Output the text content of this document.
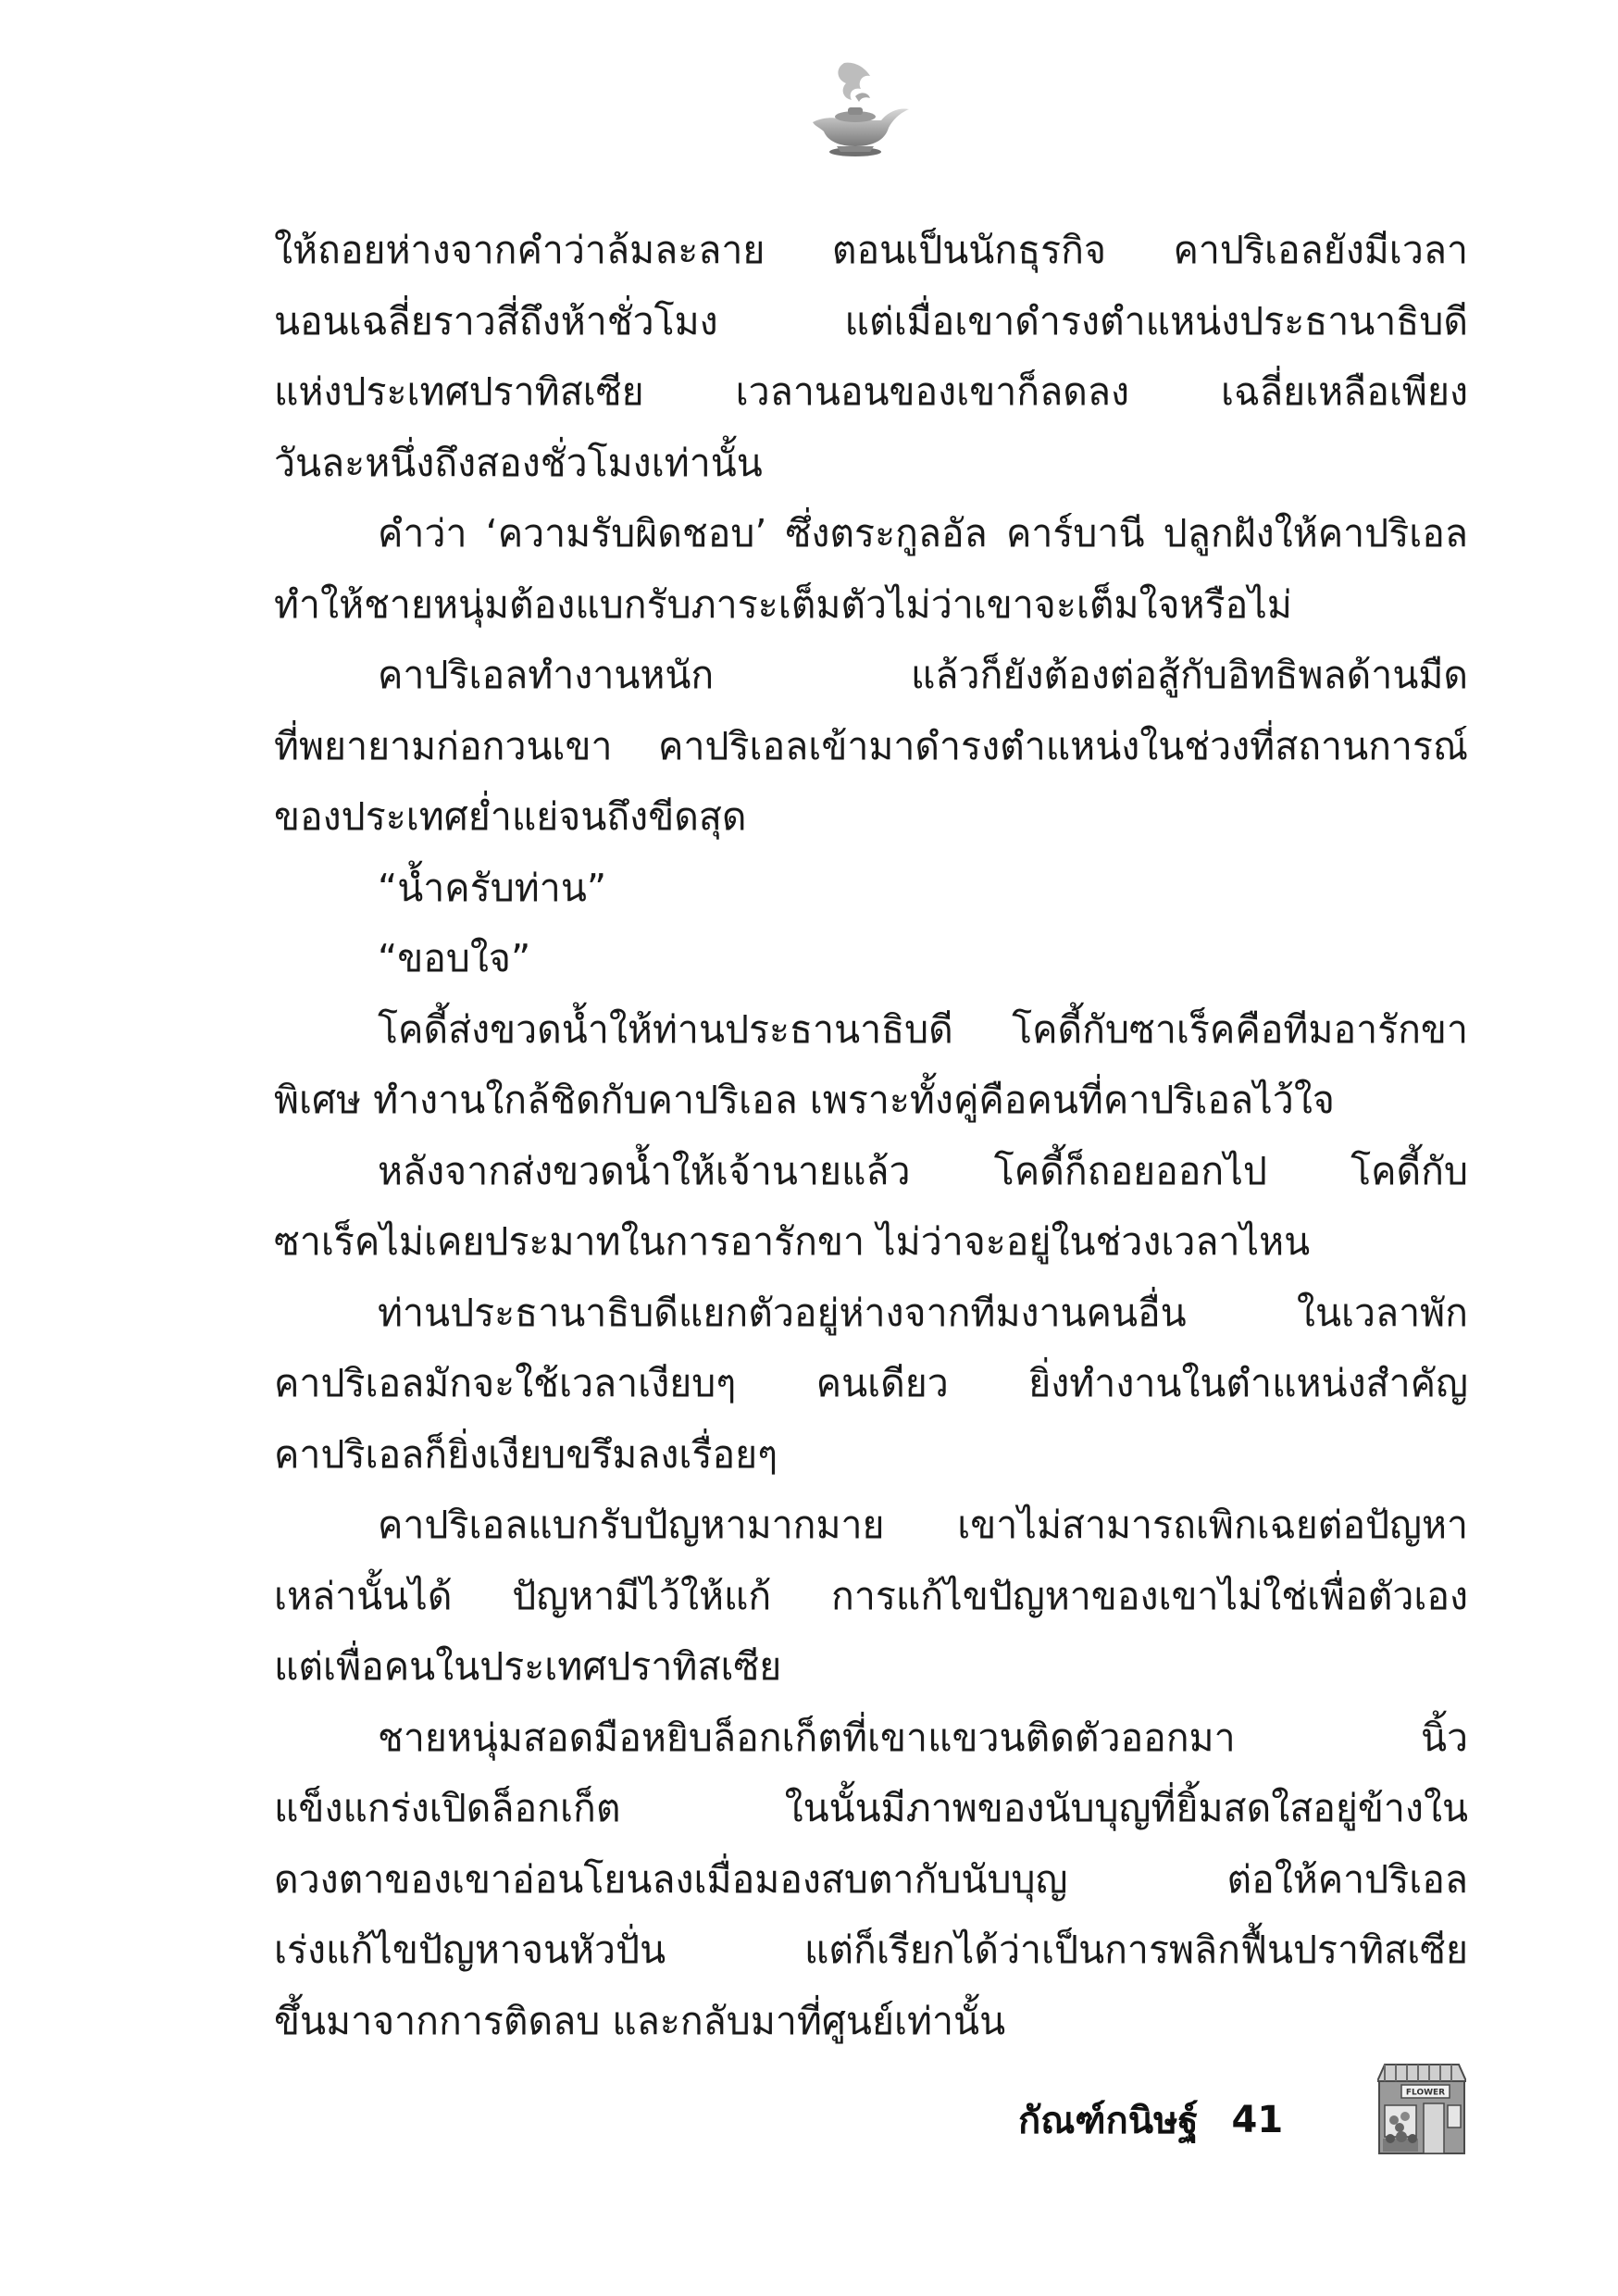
ให้ถอยห่างจากคำว่าล้มละลาย ตอนเป็นนักธุรกิจ คาปริเอลยังมีเวลา
นอนเฉลี่ยราวสี่ถึงห้าชั่วโมง แต่เมื่อเขาดำรงตำแหน่งประธานาธิบดี
แห่งประเทศปราทิสเซีย เวลานอนของเขาก็ลดลง เฉลี่ยเหลือเพียง
วันละหนึ่งถึงสองชั่วโมงเท่านั้น
คำว่า ‘ความรับผิดชอบ’ ซึ่งตระกูลอัล คาร์บานี ปลูกฝังให้คาปริเอล
ทำให้ชายหนุ่มต้องแบกรับภาระเต็มตัวไม่ว่าเขาจะเต็มใจหรือไม่
คาปริเอลทำงานหนัก แล้วก็ยังต้องต่อสู้กับอิทธิพลด้านมืด
ที่พยายามก่อกวนเขา คาปริเอลเข้ามาดำรงตำแหน่งในช่วงที่สถานการณ์
ของประเทศย่ำแย่จนถึงขีดสุด
“น้ำครับท่าน”
“ขอบใจ”
โคดี้ส่งขวดน้ำให้ท่านประธานาธิบดี โคดี้กับซาเร็คคือทีมอารักขา
พิเศษ ทำงานใกล้ชิดกับคาปริเอล เพราะทั้งคู่คือคนที่คาปริเอลไว้ใจ
หลังจากส่งขวดน้ำให้เจ้านายแล้ว โคดี้ก็ถอยออกไป โคดี้กับ
ซาเร็คไม่เคยประมาทในการอารักขา ไม่ว่าจะอยู่ในช่วงเวลาไหน
ท่านประธานาธิบดีแยกตัวอยู่ห่างจากทีมงานคนอื่น ในเวลาพัก
คาปริเอลมักจะใช้เวลาเงียบๆ คนเดียว ยิ่งทำงานในตำแหน่งสำคัญ
คาปริเอลก็ยิ่งเงียบขรึมลงเรื่อยๆ
คาปริเอลแบกรับปัญหามากมาย เขาไม่สามารถเพิกเฉยต่อปัญหา
เหล่านั้นได้ ปัญหามีไว้ให้แก้ การแก้ไขปัญหาของเขาไม่ใช่เพื่อตัวเอง
แต่เพื่อคนในประเทศปราทิสเซีย
ชายหนุ่มสอดมือหยิบล็อกเก็ตที่เขาแขวนติดตัวออกมา นิ้ว
แข็งแกร่งเปิดล็อกเก็ต ในนั้นมีภาพของนับบุญที่ยิ้มสดใสอยู่ข้างใน
ดวงตาของเขาอ่อนโยนลงเมื่อมองสบตากับนับบุญ ต่อให้คาปริเอล
เร่งแก้ไขปัญหาจนหัวปั่น แต่ก็เรียกได้ว่าเป็นการพลิกฟื้นปราทิสเซีย
ขึ้นมาจากการติดลบ และกลับมาที่ศูนย์เท่านั้น
กัณฑ์กนิษฐ์ 41
FLOWER
